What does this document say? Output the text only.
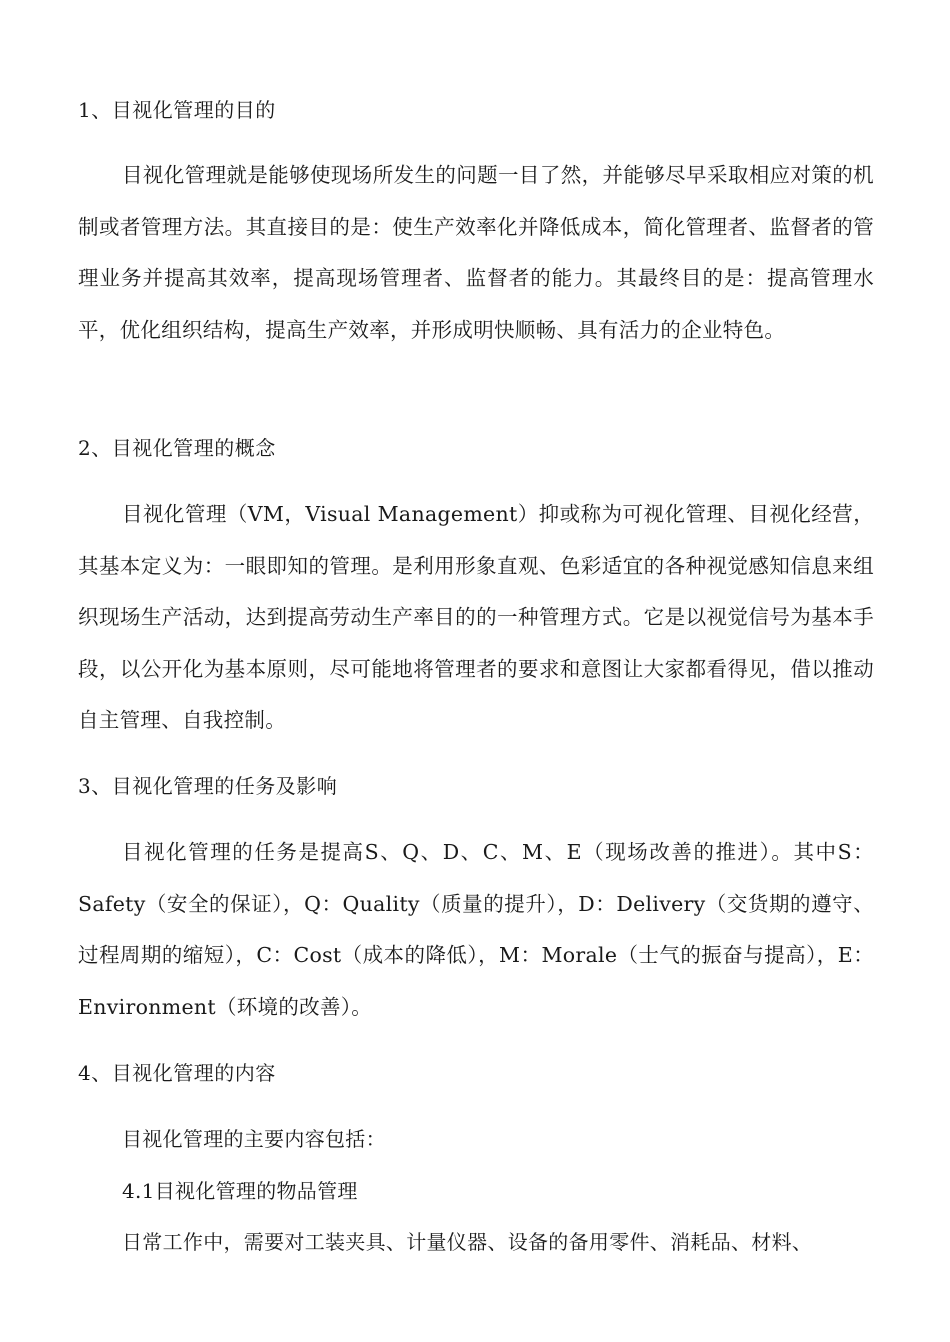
1、目视化管理的目的
目视化管理就是能够使现场所发生的问题一目了然，并能够尽早采取相应对策的机制或者管理方法。其直接目的是：使生产效率化并降低成本，简化管理者、监督者的管理业务并提高其效率，提高现场管理者、监督者的能力。其最终目的是：提高管理水平，优化组织结构，提高生产效率，并形成明快顺畅、具有活力的企业特色。
2、目视化管理的概念
目视化管理（VM，Visual Management）抑或称为可视化管理、目视化经营，其基本定义为：一眼即知的管理。是利用形象直观、色彩适宜的各种视觉感知信息来组织现场生产活动，达到提高劳动生产率目的的一种管理方式。它是以视觉信号为基本手段，以公开化为基本原则，尽可能地将管理者的要求和意图让大家都看得见，借以推动自主管理、自我控制。
3、目视化管理的任务及影响
目视化管理的任务是提高S、Q、D、C、M、E（现场改善的推进）。其中S：Safety（安全的保证），Q：Quality（质量的提升），D：Delivery（交货期的遵守、过程周期的缩短），C：Cost（成本的降低），M：Morale（士气的振奋与提高），E：Environment（环境的改善）。
4、目视化管理的内容
目视化管理的主要内容包括：
4.1目视化管理的物品管理
日常工作中，需要对工装夹具、计量仪器、设备的备用零件、消耗品、材料、
